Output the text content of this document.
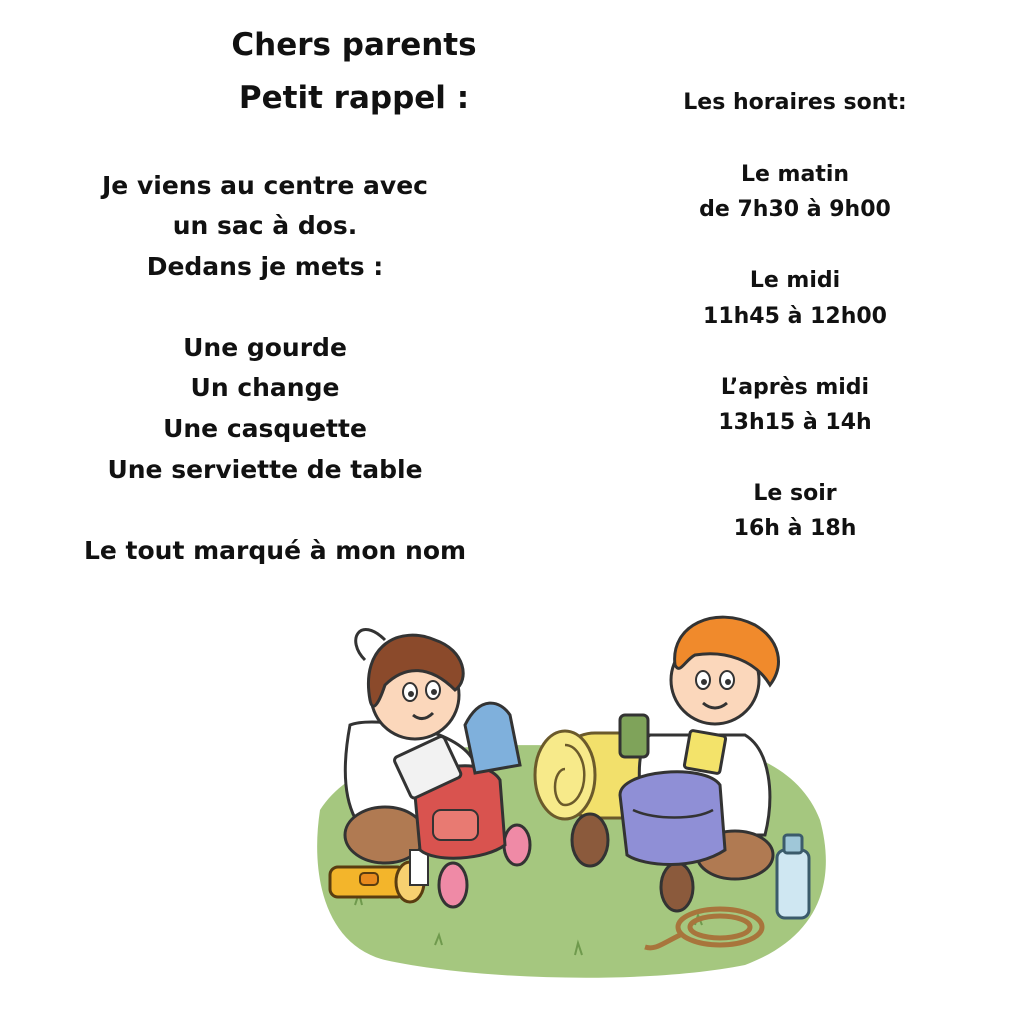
Chers parents
Petit rappel :
Je viens au centre avec
un sac à dos.
Dedans je mets :
Une gourde
Un change
Une casquette
Une serviette de table
Le tout marqué à mon nom
Les horaires sont:
Le matin
de 7h30 à 9h00
Le midi
11h45 à 12h00
L’après midi
13h15 à 14h
Le soir
16h à 18h
